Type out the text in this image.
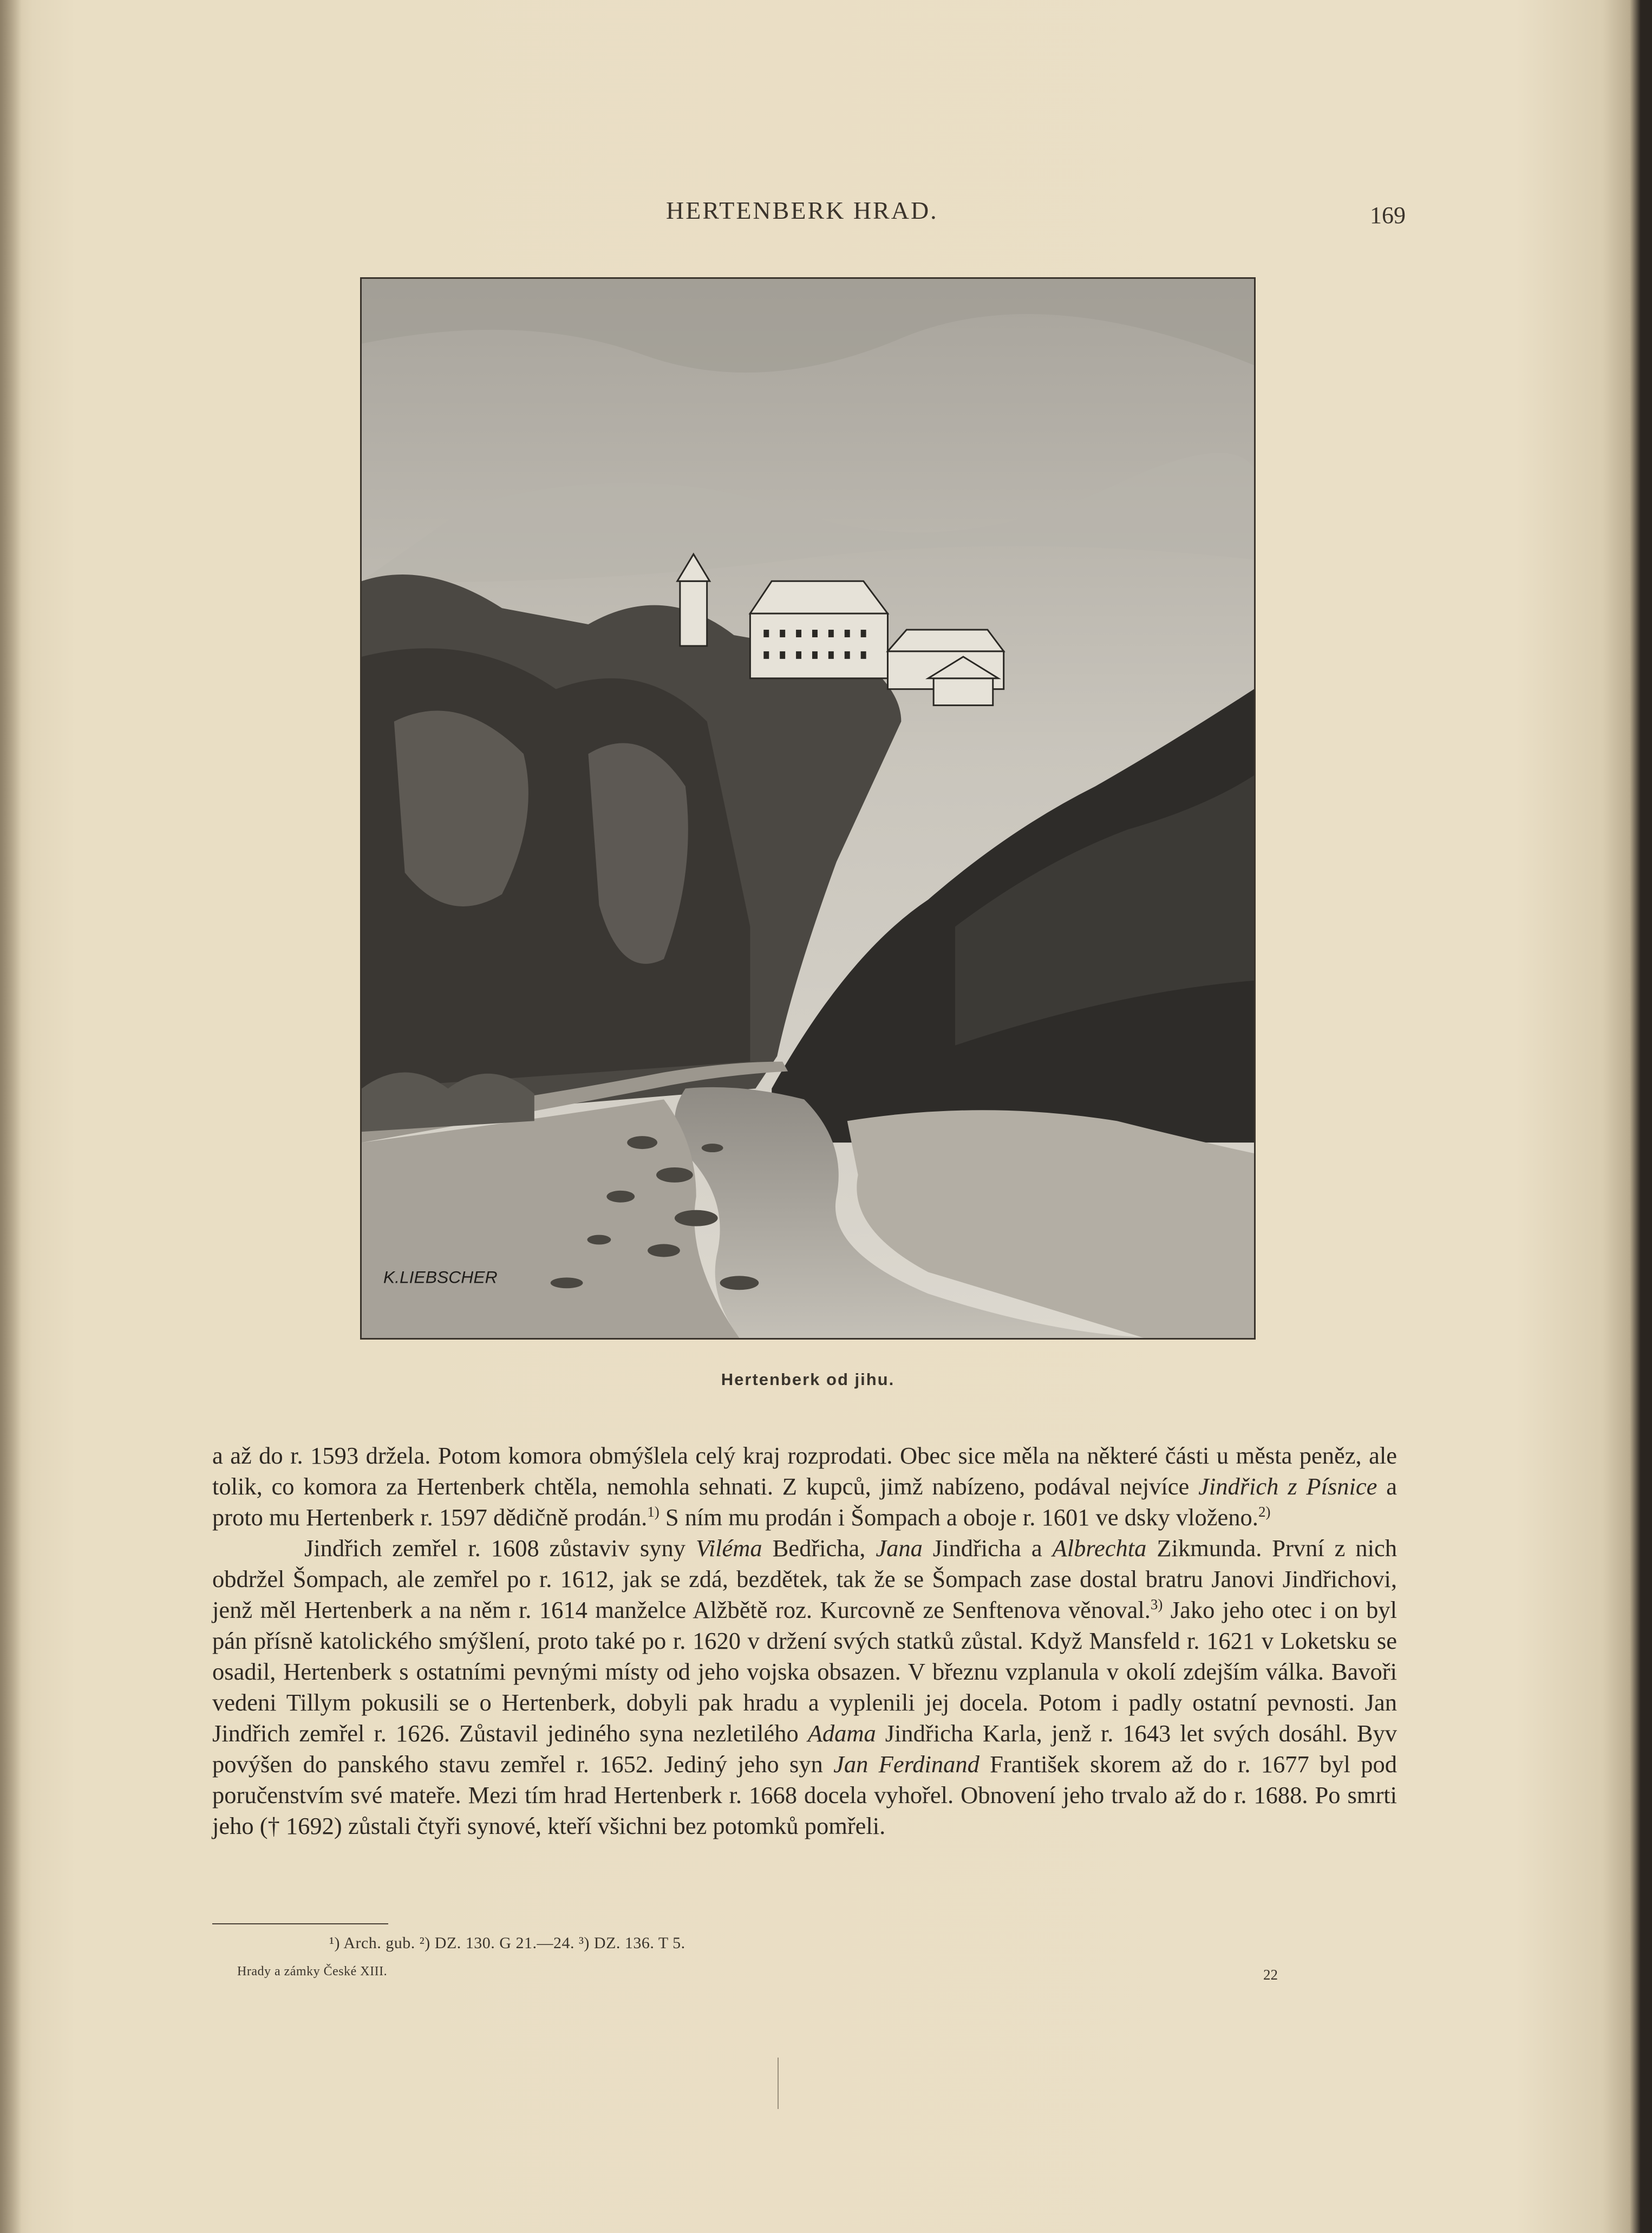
HERTENBERK HRAD.	169
K.LIEBSCHER
Hertenberk od jihu.

a až do r. 1593 držela. Potom komora obmýšlela celý kraj rozprodati. Obec sice měla na některé části u města peněz, ale tolik, co komora za Hertenberk chtěla, nemohla sehnati. Z kupců, jimž nabízeno, podával nejvíce Jindřich z Písnice a proto mu Hertenberk r. 1597 dědičně prodán.$^{1)}$ S ním mu prodán i Šompach a oboje r. 1601 ve dsky vloženo.$^{2)}$

Jindřich zemřel r. 1608 zůstaviv syny Viléma Bedřicha, Jana Jindřicha a Albrechta Zikmunda. První z nich obdržel Šompach, ale zemřel po r. 1612, jak se zdá, bezdětek, tak že se Šompach zase dostal bratru Janovi Jindřichovi, jenž měl Hertenberk a na něm r. 1614 manželce Alžbětě roz. Kurcovně ze Senftenova věnoval.$^{3)}$ Jako jeho otec i on byl pán přísně katolického smýšlení, proto také po r. 1620 v držení svých statků zůstal. Když Mansfeld r. 1621 v Loketsku se osadil, Hertenberk s ostatními pevnými místy od jeho vojska obsazen. V březnu vzplanula v okolí zdejším válka. Bavoři vedeni Tillym pokusili se o Hertenberk, dobyli pak hradu a vyplenili jej docela. Potom i padly ostatní pevnosti. Jan Jindřich zemřel r. 1626. Zůstavil jediného syna nezletilého Adama Jindřicha Karla, jenž r. 1643 let svých dosáhl. Byv povýšen do panského stavu zemřel r. 1652. Jediný jeho syn Jan Ferdinand František skorem až do r. 1677 byl pod poručenstvím své mateře. Mezi tím hrad Hertenberk r. 1668 docela vyhořel. Obnovení jeho trvalo až do r. 1688. Po smrti jeho († 1692) zůstali čtyři synové, kteří všichni bez potomků pomřeli.

¹) Arch. gub. ²) DZ. 130. G 21.—24. ³) DZ. 136. T 5.
Hrady a zámky České XIII.	22
